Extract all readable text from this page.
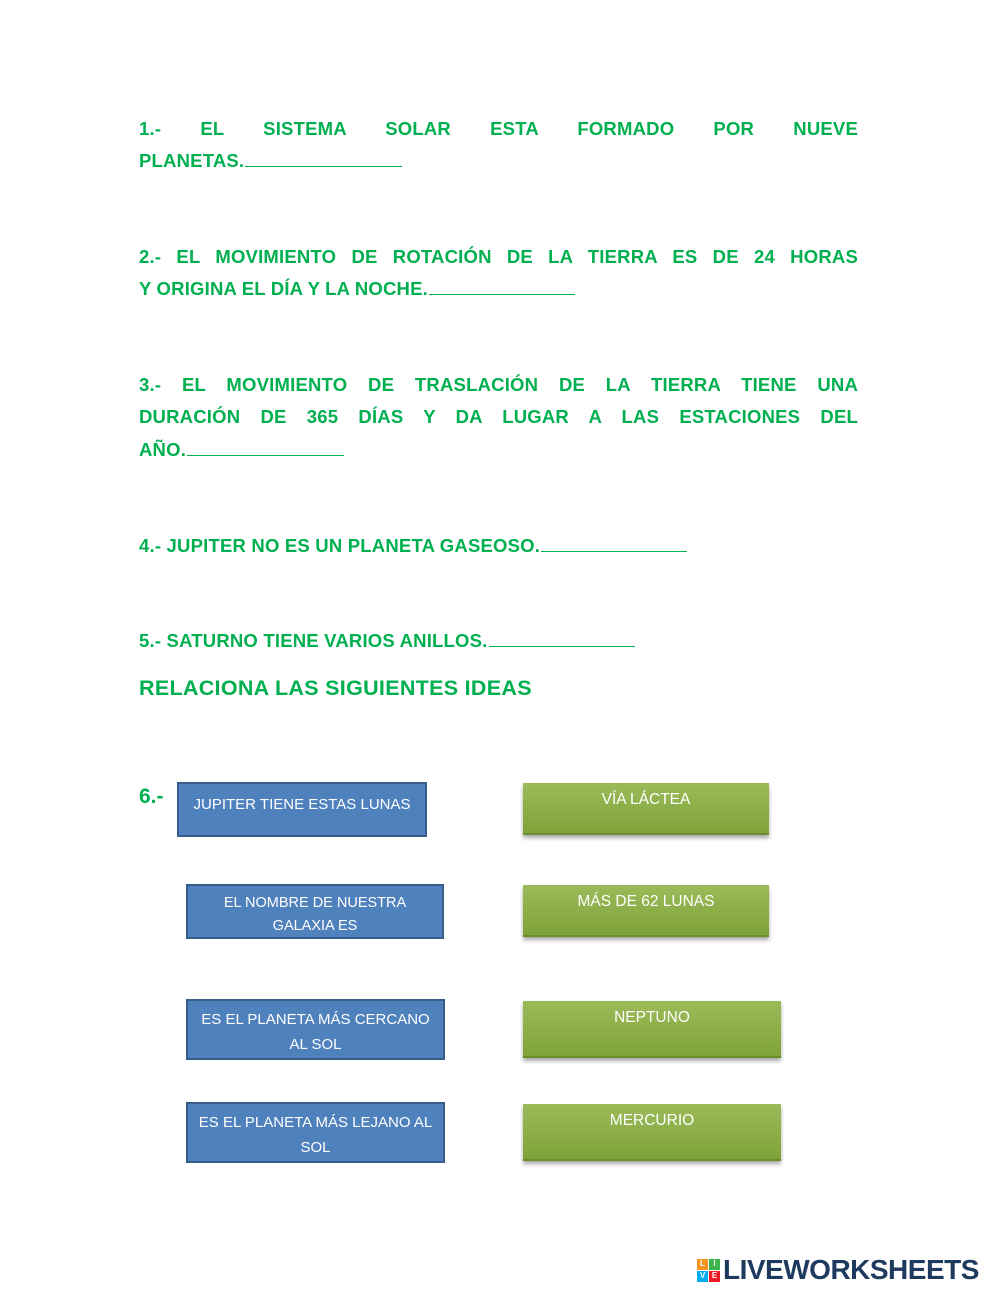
1.- EL SISTEMA SOLAR ESTA FORMADO POR NUEVE
PLANETAS.
2.- EL MOVIMIENTO DE ROTACIÓN DE LA TIERRA ES DE 24 HORAS
Y ORIGINA EL DÍA Y LA NOCHE.
3.- EL MOVIMIENTO DE TRASLACIÓN DE LA TIERRA TIENE UNA
DURACIÓN DE 365 DÍAS Y DA LUGAR A LAS ESTACIONES DEL
AÑO.
4.- JUPITER NO ES UN PLANETA GASEOSO.
5.- SATURNO TIENE VARIOS ANILLOS.
RELACIONA LAS SIGUIENTES IDEAS
6.- JUPITER TIENE ESTAS LUNAS
EL NOMBRE DE NUESTRA
GALAXIA ES
ES EL PLANETA MÁS CERCANO
AL SOL
ES EL PLANETA MÁS LEJANO AL
SOL
VÍA LÁCTEA
MÁS DE 62 LUNAS
NEPTUNO
MERCURIO
L	I
V E LIVEWORKSHEETS
